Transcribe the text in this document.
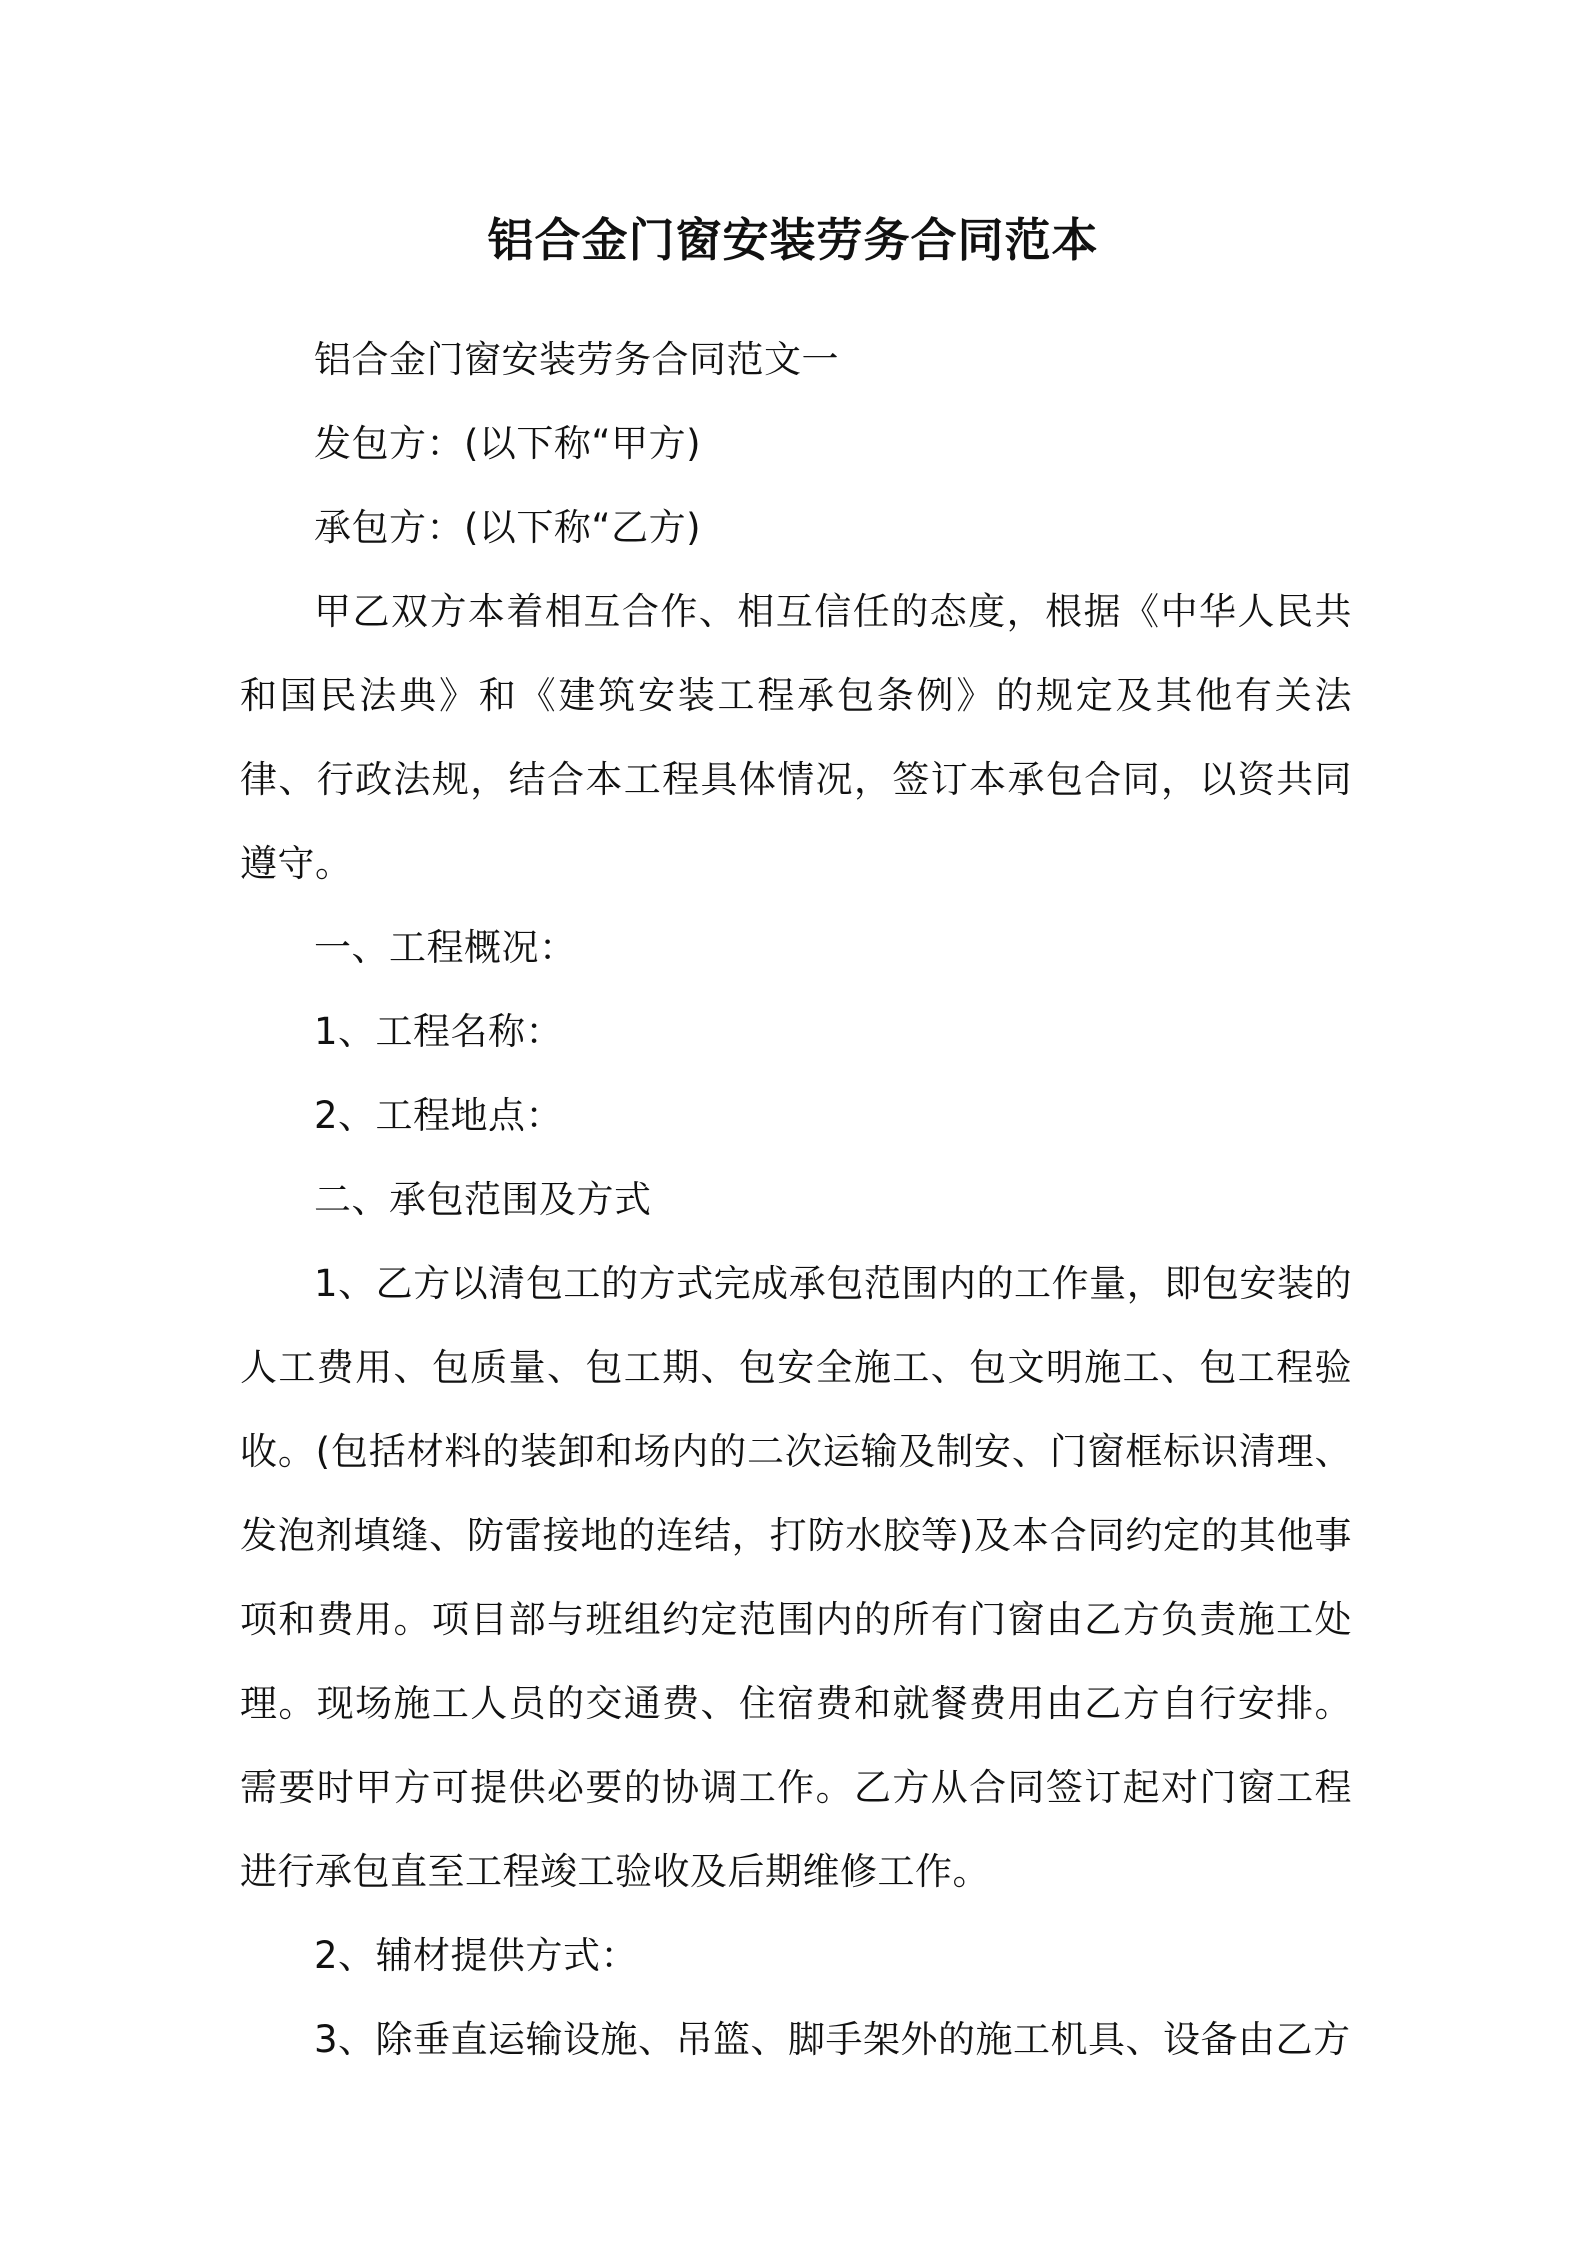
铝合金门窗安装劳务合同范本

铝合金门窗安装劳务合同范文一

发包方：(以下称“甲方)

承包方：(以下称“乙方)

甲乙双方本着相互合作、相互信任的态度，根据《中华人民共和国民法典》和《建筑安装工程承包条例》的规定及其他有关法律、行政法规，结合本工程具体情况，签订本承包合同，以资共同遵守。

一、工程概况：

1、工程名称：

2、工程地点：

二、承包范围及方式

1、乙方以清包工的方式完成承包范围内的工作量，即包安装的人工费用、包质量、包工期、包安全施工、包文明施工、包工程验收。(包括材料的装卸和场内的二次运输及制安、门窗框标识清理、发泡剂填缝、防雷接地的连结，打防水胶等)及本合同约定的其他事项和费用。项目部与班组约定范围内的所有门窗由乙方负责施工处理。现场施工人员的交通费、住宿费和就餐费用由乙方自行安排。需要时甲方可提供必要的协调工作。乙方从合同签订起对门窗工程进行承包直至工程竣工验收及后期维修工作。

2、辅材提供方式：

3、除垂直运输设施、吊篮、脚手架外的施工机具、设备由乙方
